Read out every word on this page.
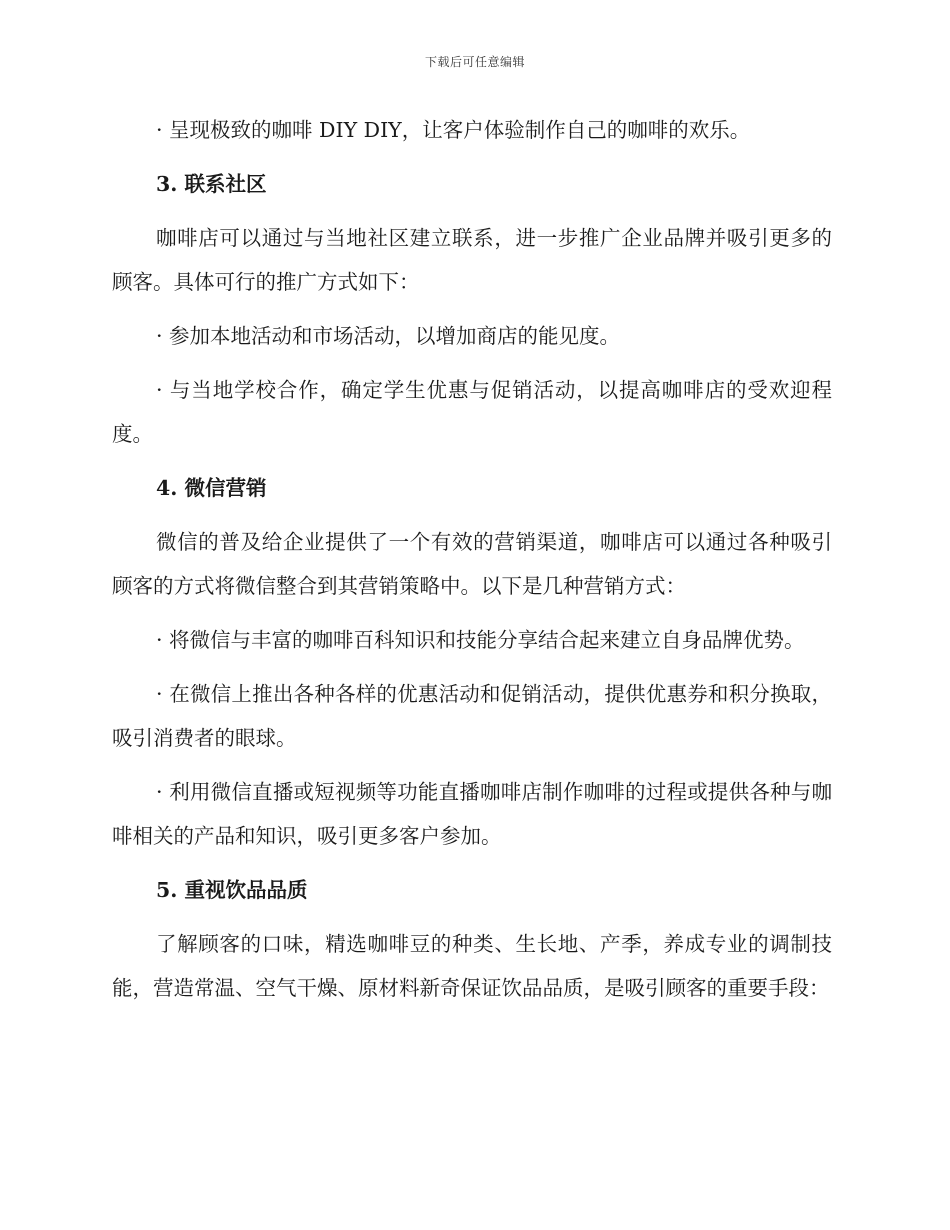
下载后可任意编辑

· 呈现极致的咖啡 DIY DIY，让客户体验制作自己的咖啡的欢乐。

3. 联系社区

咖啡店可以通过与当地社区建立联系，进一步推广企业品牌并吸引更多的顾客。具体可行的推广方式如下：

· 参加本地活动和市场活动，以增加商店的能见度。

· 与当地学校合作，确定学生优惠与促销活动，以提高咖啡店的受欢迎程度。

4. 微信营销

微信的普及给企业提供了一个有效的营销渠道，咖啡店可以通过各种吸引顾客的方式将微信整合到其营销策略中。以下是几种营销方式：

· 将微信与丰富的咖啡百科知识和技能分享结合起来建立自身品牌优势。

· 在微信上推出各种各样的优惠活动和促销活动，提供优惠券和积分换取，吸引消费者的眼球。

· 利用微信直播或短视频等功能直播咖啡店制作咖啡的过程或提供各种与咖啡相关的产品和知识，吸引更多客户参加。

5. 重视饮品品质

了解顾客的口味，精选咖啡豆的种类、生长地、产季，养成专业的调制技能，营造常温、空气干燥、原材料新奇保证饮品品质，是吸引顾客的重要手段：
